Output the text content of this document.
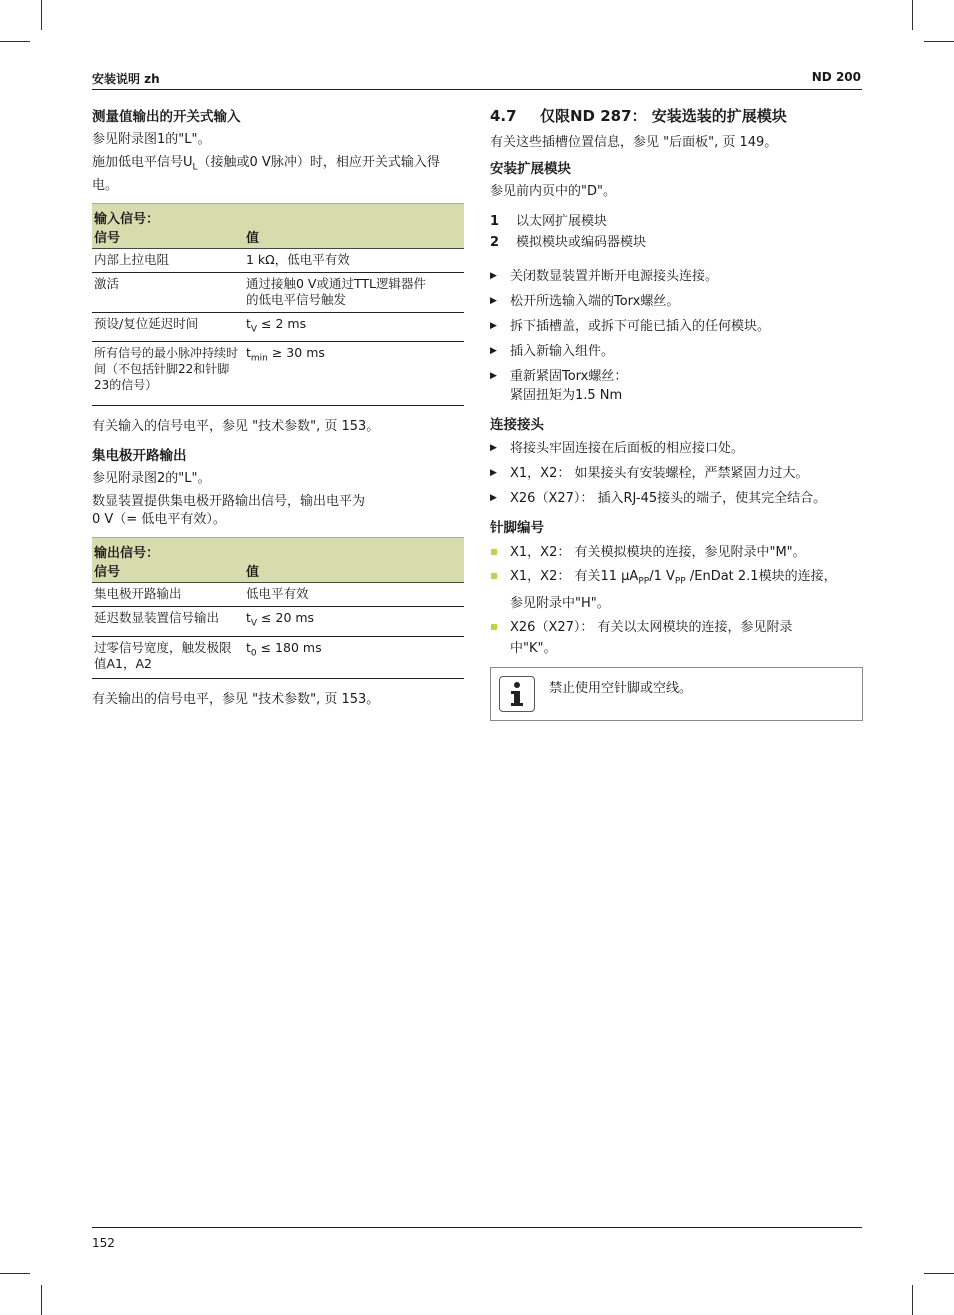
安装说明 zh	ND 200
测量值输出的开关式输入

参见附录图1的"L"。

施加低电平信号$U_L$（接触或0 V脉冲）时，相应开关式输入得电。

输入信号：
信号	值
内部上拉电阻	1 kΩ，低电平有效
激活	通过接触0 V或通过TTL逻辑器件
的低电平信号触发
预设/复位延迟时间	$t_V \le 2$ ms
所有信号的最小脉冲持续时间（不包括针脚22和针脚23的信号）	$t_{min} \ge 30$ ms

有关输入的信号电平，参见 "技术参数", 页 153。

集电极开路输出

参见附录图2的"L"。

数显装置提供集电极开路输出信号，输出电平为
0 V（= 低电平有效）。

输出信号：
信号	值
集电极开路输出	低电平有效
延迟数显装置信号输出	$t_V \le 20$ ms
过零信号宽度，触发极限值A1，A2	$t_0 \le 180$ ms

有关输出的信号电平，参见 "技术参数", 页 153。

4.7 仅限ND 287： 安装选装的扩展模块

有关这些插槽位置信息，参见 "后面板", 页 149。

安装扩展模块

参见前内页中的"D"。

1 以太网扩展模块
2 模拟模块或编码器模块
▶ 关闭数显装置并断开电源接头连接。
▶ 松开所选输入端的Torx螺丝。
▶ 拆下插槽盖，或拆下可能已插入的任何模块。
▶ 插入新输入组件。
▶ 重新紧固Torx螺丝：
紧固扭矩为1.5 Nm
连接接头
▶ 将接头牢固连接在后面板的相应接口处。
▶ X1，X2： 如果接头有安装螺栓，严禁紧固力过大。
▶ X26（X27）： 插入RJ-45接头的端子，使其完全结合。
针脚编号
X1，X2： 有关模拟模块的连接，参见附录中"M"。
X1，X2： 有关11 µA$_{PP}$/1 $V_{PP}$ /EnDat 2.1模块的连接，
参见附录中"H"。
X26（X27）： 有关以太网模块的连接，参见附录
中"K"。
禁止使用空针脚或空线。
152
